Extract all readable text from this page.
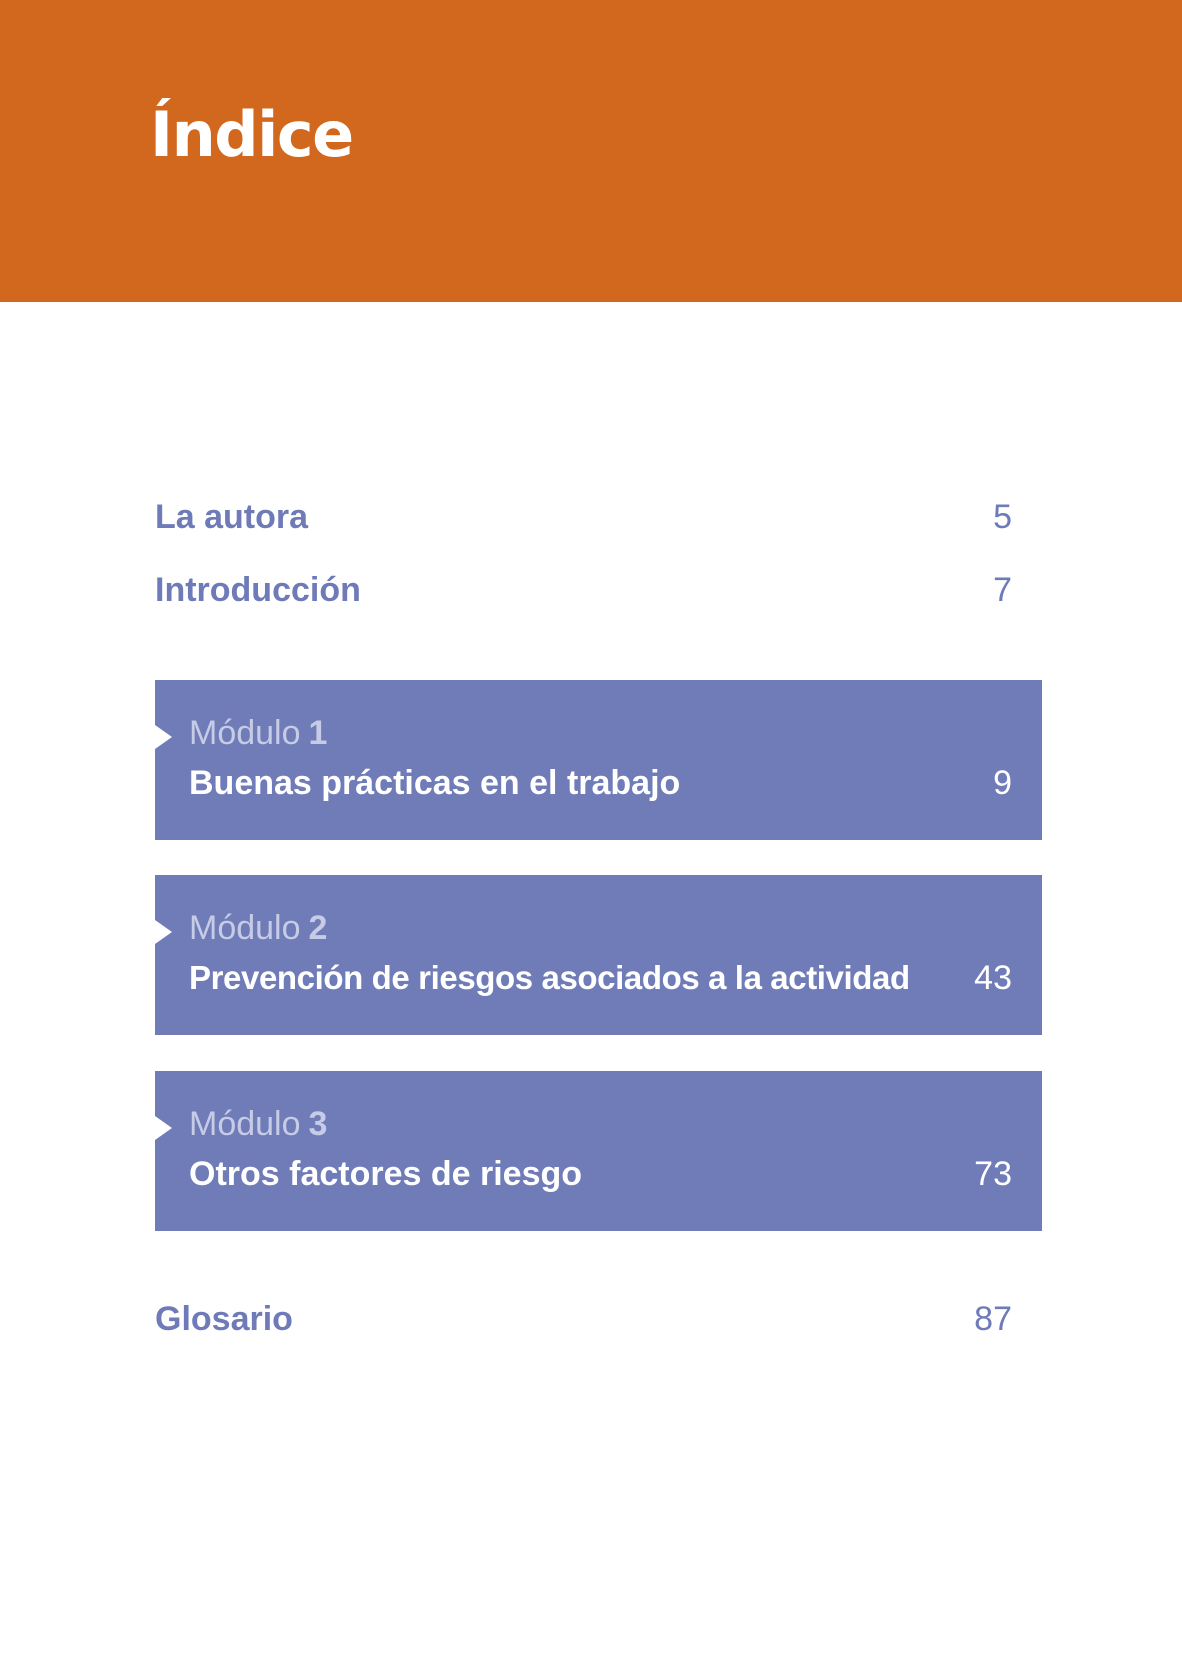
Índice
La autora	5
Introducción	7
Módulo 1
Buenas prácticas en el trabajo	9
Módulo 2
Prevención de riesgos asociados a la actividad 43
Módulo 3
Otros factores de riesgo	73
Glosario	87
